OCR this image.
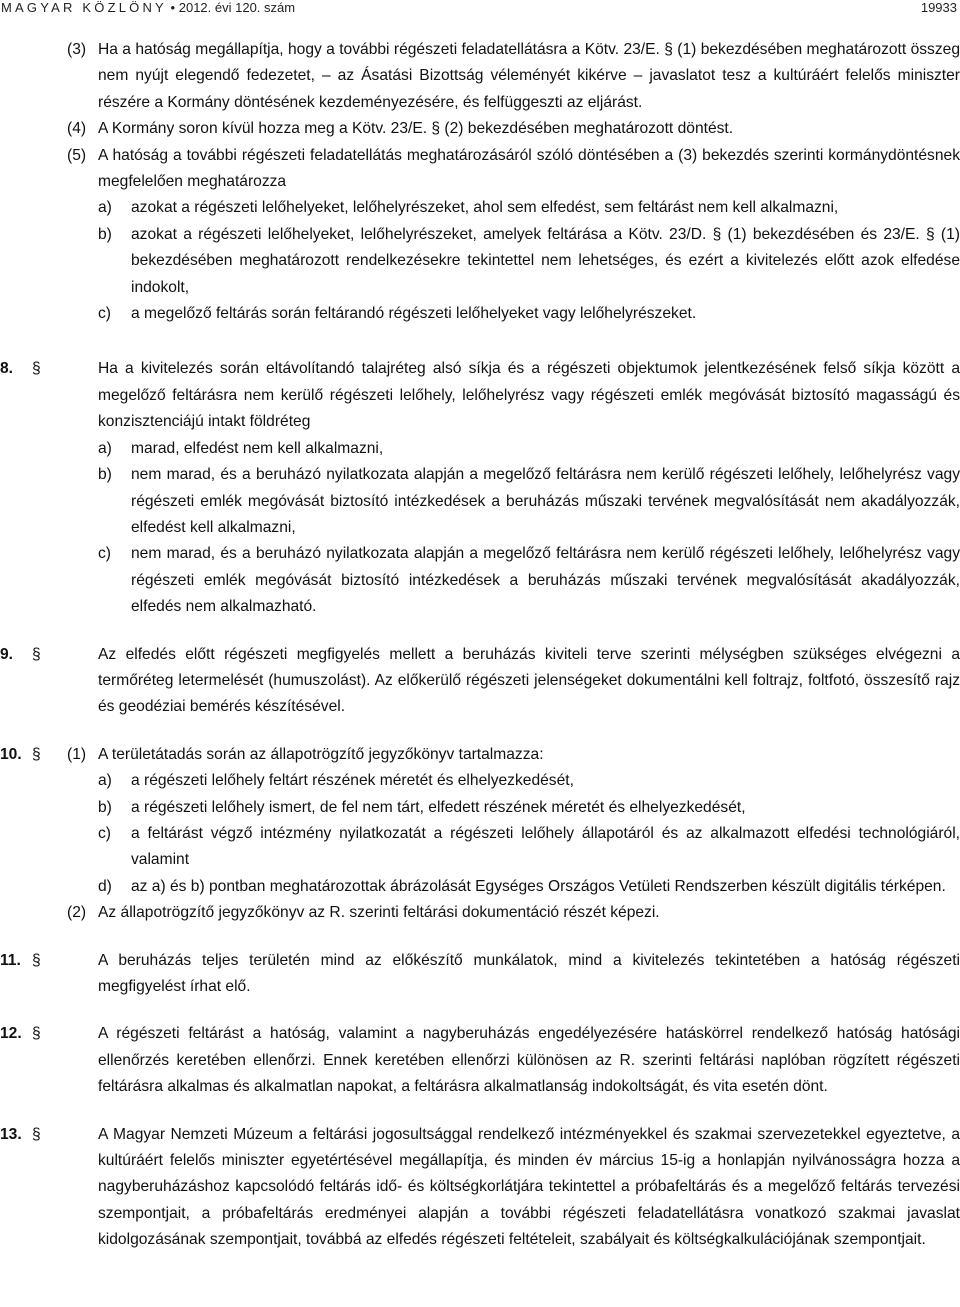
MAGYAR KÖZLÖNY • 2012. évi 120. szám	19933
(3) Ha a hatóság megállapítja, hogy a további régészeti feladatellátásra a Kötv. 23/E. § (1) bekezdésében meghatározott összeg nem nyújt elegendő fedezetet, – az Ásatási Bizottság véleményét kikérve – javaslatot tesz a kultúráért felelős miniszter részére a Kormány döntésének kezdeményezésére, és felfüggeszti az eljárást.
(4) A Kormány soron kívül hozza meg a Kötv. 23/E. § (2) bekezdésében meghatározott döntést.
(5) A hatóság a további régészeti feladatellátás meghatározásáról szóló döntésében a (3) bekezdés szerinti kormánydöntésnek megfelelően meghatározza
a) azokat a régészeti lelőhelyeket, lelőhelyrészeket, ahol sem elfedést, sem feltárást nem kell alkalmazni,
b) azokat a régészeti lelőhelyeket, lelőhelyrészeket, amelyek feltárása a Kötv. 23/D. § (1) bekezdésében és 23/E. § (1) bekezdésében meghatározott rendelkezésekre tekintettel nem lehetséges, és ezért a kivitelezés előtt azok elfedése indokolt,
c) a megelőző feltárás során feltárandó régészeti lelőhelyeket vagy lelőhelyrészeket.
8. §	Ha a kivitelezés során eltávolítandó talajréteg alsó síkja és a régészeti objektumok jelentkezésének felső síkja között a megelőző feltárásra nem kerülő régészeti lelőhely, lelőhelyrész vagy régészeti emlék megóvását biztosító magasságú és konzisztenciájú intakt földréteg
a) marad, elfedést nem kell alkalmazni,
b) nem marad, és a beruházó nyilatkozata alapján a megelőző feltárásra nem kerülő régészeti lelőhely, lelőhelyrész vagy régészeti emlék megóvását biztosító intézkedések a beruházás műszaki tervének megvalósítását nem akadályozzák, elfedést kell alkalmazni,
c) nem marad, és a beruházó nyilatkozata alapján a megelőző feltárásra nem kerülő régészeti lelőhely, lelőhelyrész vagy régészeti emlék megóvását biztosító intézkedések a beruházás műszaki tervének megvalósítását akadályozzák, elfedés nem alkalmazható.
9. §	Az elfedés előtt régészeti megfigyelés mellett a beruházás kiviteli terve szerinti mélységben szükséges elvégezni a termőréteg letermelését (humuszolást). Az előkerülő régészeti jelenségeket dokumentálni kell foltrajz, foltfotó, összesítő rajz és geodéziai bemérés készítésével.
10. § (1) A területátadás során az állapotrögzítő jegyzőkönyv tartalmazza:
a) a régészeti lelőhely feltárt részének méretét és elhelyezkedését,
b) a régészeti lelőhely ismert, de fel nem tárt, elfedett részének méretét és elhelyezkedését,
c) a feltárást végző intézmény nyilatkozatát a régészeti lelőhely állapotáról és az alkalmazott elfedési technológiáról, valamint
d) az a) és b) pontban meghatározottak ábrázolását Egységes Országos Vetületi Rendszerben készült digitális térképen.
(2) Az állapotrögzítő jegyzőkönyv az R. szerinti feltárási dokumentáció részét képezi.
11. §	A beruházás teljes területén mind az előkészítő munkálatok, mind a kivitelezés tekintetében a hatóság régészeti megfigyelést írhat elő.
12. §	A régészeti feltárást a hatóság, valamint a nagyberuházás engedélyezésére hatáskörrel rendelkező hatóság hatósági ellenőrzés keretében ellenőrzi. Ennek keretében ellenőrzi különösen az R. szerinti feltárási naplóban rögzített régészeti feltárásra alkalmas és alkalmatlan napokat, a feltárásra alkalmatlanság indokoltságát, és vita esetén dönt.
13. §	A Magyar Nemzeti Múzeum a feltárási jogosultsággal rendelkező intézményekkel és szakmai szervezetekkel egyeztetve, a kultúráért felelős miniszter egyetértésével megállapítja, és minden év március 15-ig a honlapján nyilvánosságra hozza a nagyberuházáshoz kapcsolódó feltárás idő- és költségkorlátjára tekintettel a próbafeltárás és a megelőző feltárás tervezési szempontjait, a próbafeltárás eredményei alapján a további régészeti feladatellátásra vonatkozó szakmai javaslat kidolgozásának szempontjait, továbbá az elfedés régészeti feltételeit, szabályait és költségkalkulációjának szempontjait.
